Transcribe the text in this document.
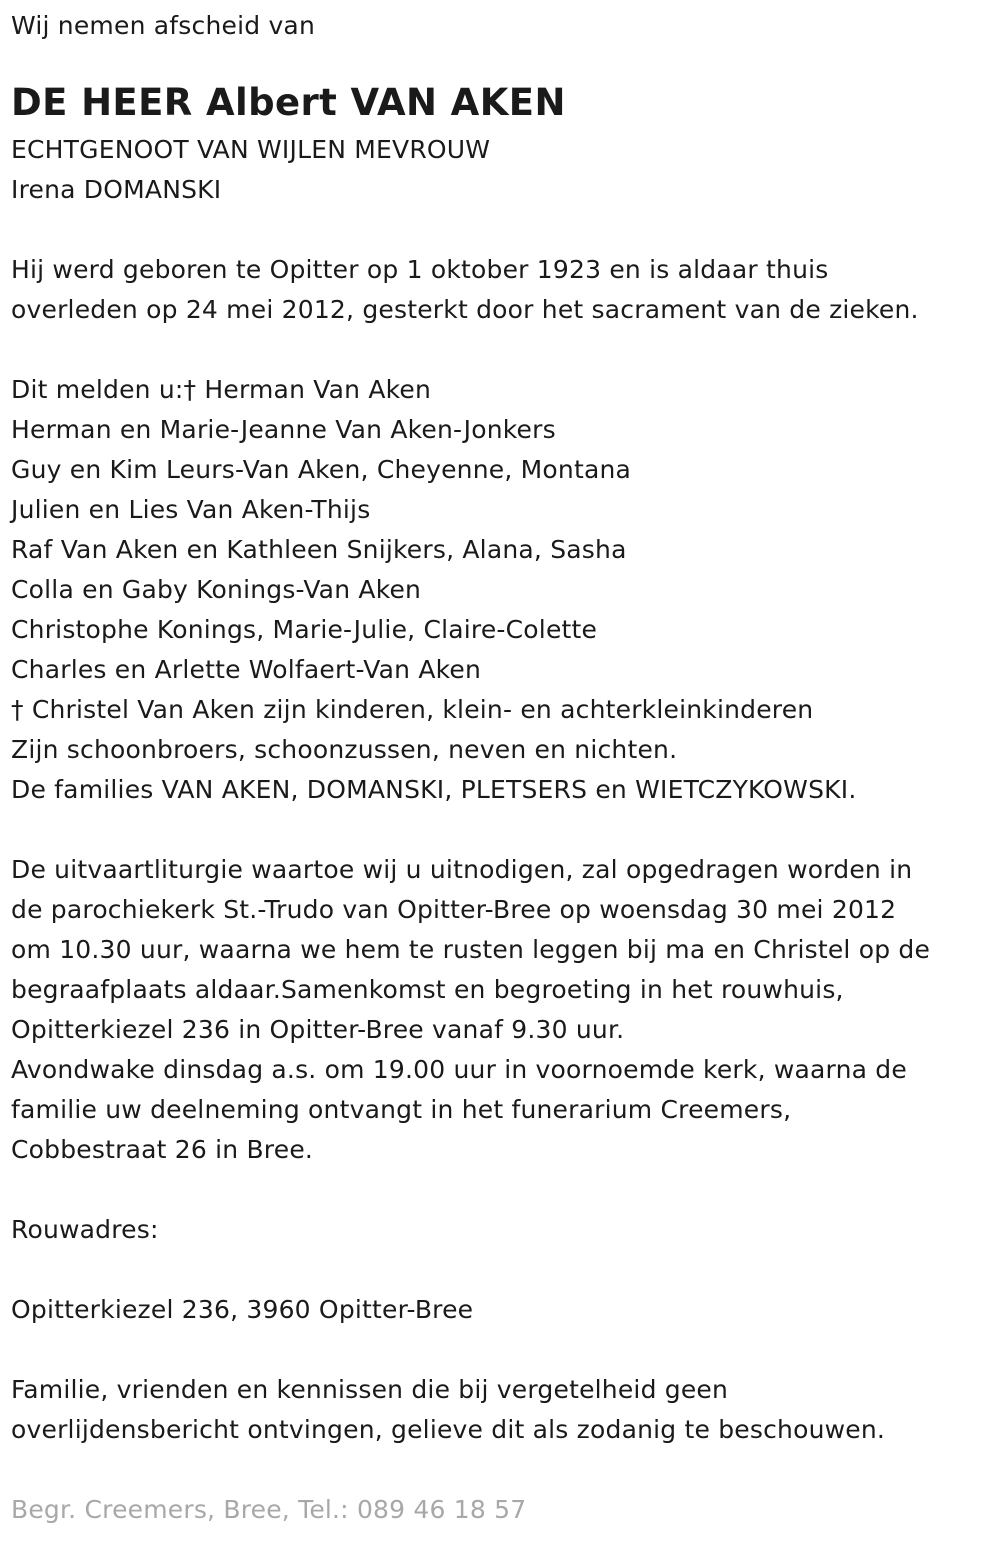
Wij nemen afscheid van
DE HEER Albert VAN AKEN
ECHTGENOOT VAN WIJLEN MEVROUW
Irena DOMANSKI
Hij werd geboren te Opitter op 1 oktober 1923 en is aldaar thuis
overleden op 24 mei 2012, gesterkt door het sacrament van de zieken.
Dit melden u:† Herman Van Aken
Herman en Marie-Jeanne Van Aken-Jonkers
Guy en Kim Leurs-Van Aken, Cheyenne, Montana
Julien en Lies Van Aken-Thijs
Raf Van Aken en Kathleen Snijkers, Alana, Sasha
Colla en Gaby Konings-Van Aken
Christophe Konings, Marie-Julie, Claire-Colette
Charles en Arlette Wolfaert-Van Aken
† Christel Van Aken zijn kinderen, klein- en achterkleinkinderen
Zijn schoonbroers, schoonzussen, neven en nichten.
De families VAN AKEN, DOMANSKI, PLETSERS en WIETCZYKOWSKI.
De uitvaartliturgie waartoe wij u uitnodigen, zal opgedragen worden in
de parochiekerk St.-Trudo van Opitter-Bree op woensdag 30 mei 2012
om 10.30 uur, waarna we hem te rusten leggen bij ma en Christel op de
begraafplaats aldaar.Samenkomst en begroeting in het rouwhuis,
Opitterkiezel 236 in Opitter-Bree vanaf 9.30 uur.
Avondwake dinsdag a.s. om 19.00 uur in voornoemde kerk, waarna de
familie uw deelneming ontvangt in het funerarium Creemers,
Cobbestraat 26 in Bree.
Rouwadres:
Opitterkiezel 236, 3960 Opitter-Bree
Familie, vrienden en kennissen die bij vergetelheid geen
overlijdensbericht ontvingen, gelieve dit als zodanig te beschouwen.
Begr. Creemers, Bree, Tel.: 089 46 18 57
